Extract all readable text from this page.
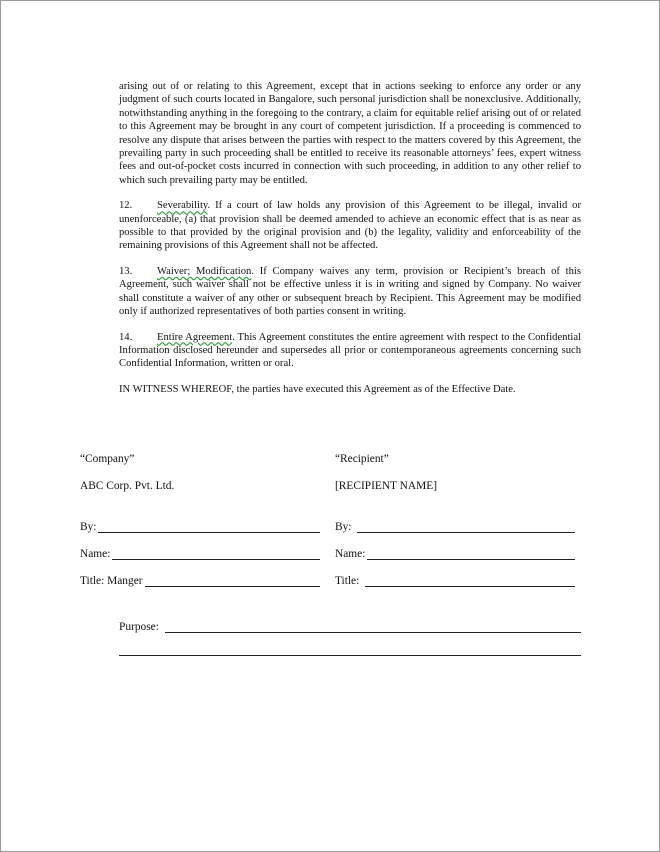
arising out of or relating to this Agreement, except that in actions seeking to enforce any order or any judgment of such courts located in Bangalore, such personal jurisdiction shall be nonexclusive. Additionally, notwithstanding anything in the foregoing to the contrary, a claim for equitable relief arising out of or related to this Agreement may be brought in any court of competent jurisdiction. If a proceeding is commenced to resolve any dispute that arises between the parties with respect to the matters covered by this Agreement, the prevailing party in such proceeding shall be entitled to receive its reasonable attorneys’ fees, expert witness fees and out-of-pocket costs incurred in connection with such proceeding, in addition to any other relief to which such prevailing party may be entitled.

12. Severability. If a court of law holds any provision of this Agreement to be illegal, invalid or unenforceable, (a) that provision shall be deemed amended to achieve an economic effect that is as near as possible to that provided by the original provision and (b) the legality, validity and enforceability of the remaining provisions of this Agreement shall not be affected.

13. Waiver; Modification. If Company waives any term, provision or Recipient’s breach of this Agreement, such waiver shall not be effective unless it is in writing and signed by Company. No waiver shall constitute a waiver of any other or subsequent breach by Recipient. This Agreement may be modified only if authorized representatives of both parties consent in writing.

14. Entire Agreement. This Agreement constitutes the entire agreement with respect to the Confidential Information disclosed hereunder and supersedes all prior or contemporaneous agreements concerning such Confidential Information, written or oral.

IN WITNESS WHEREOF, the parties have executed this Agreement as of the Effective Date.

“Company”
ABC Corp. Pvt. Ltd.
By:
Name:
Title: Manger
“Recipient”
[RECIPIENT NAME]
By:
Name:
Title:
Purpose:
